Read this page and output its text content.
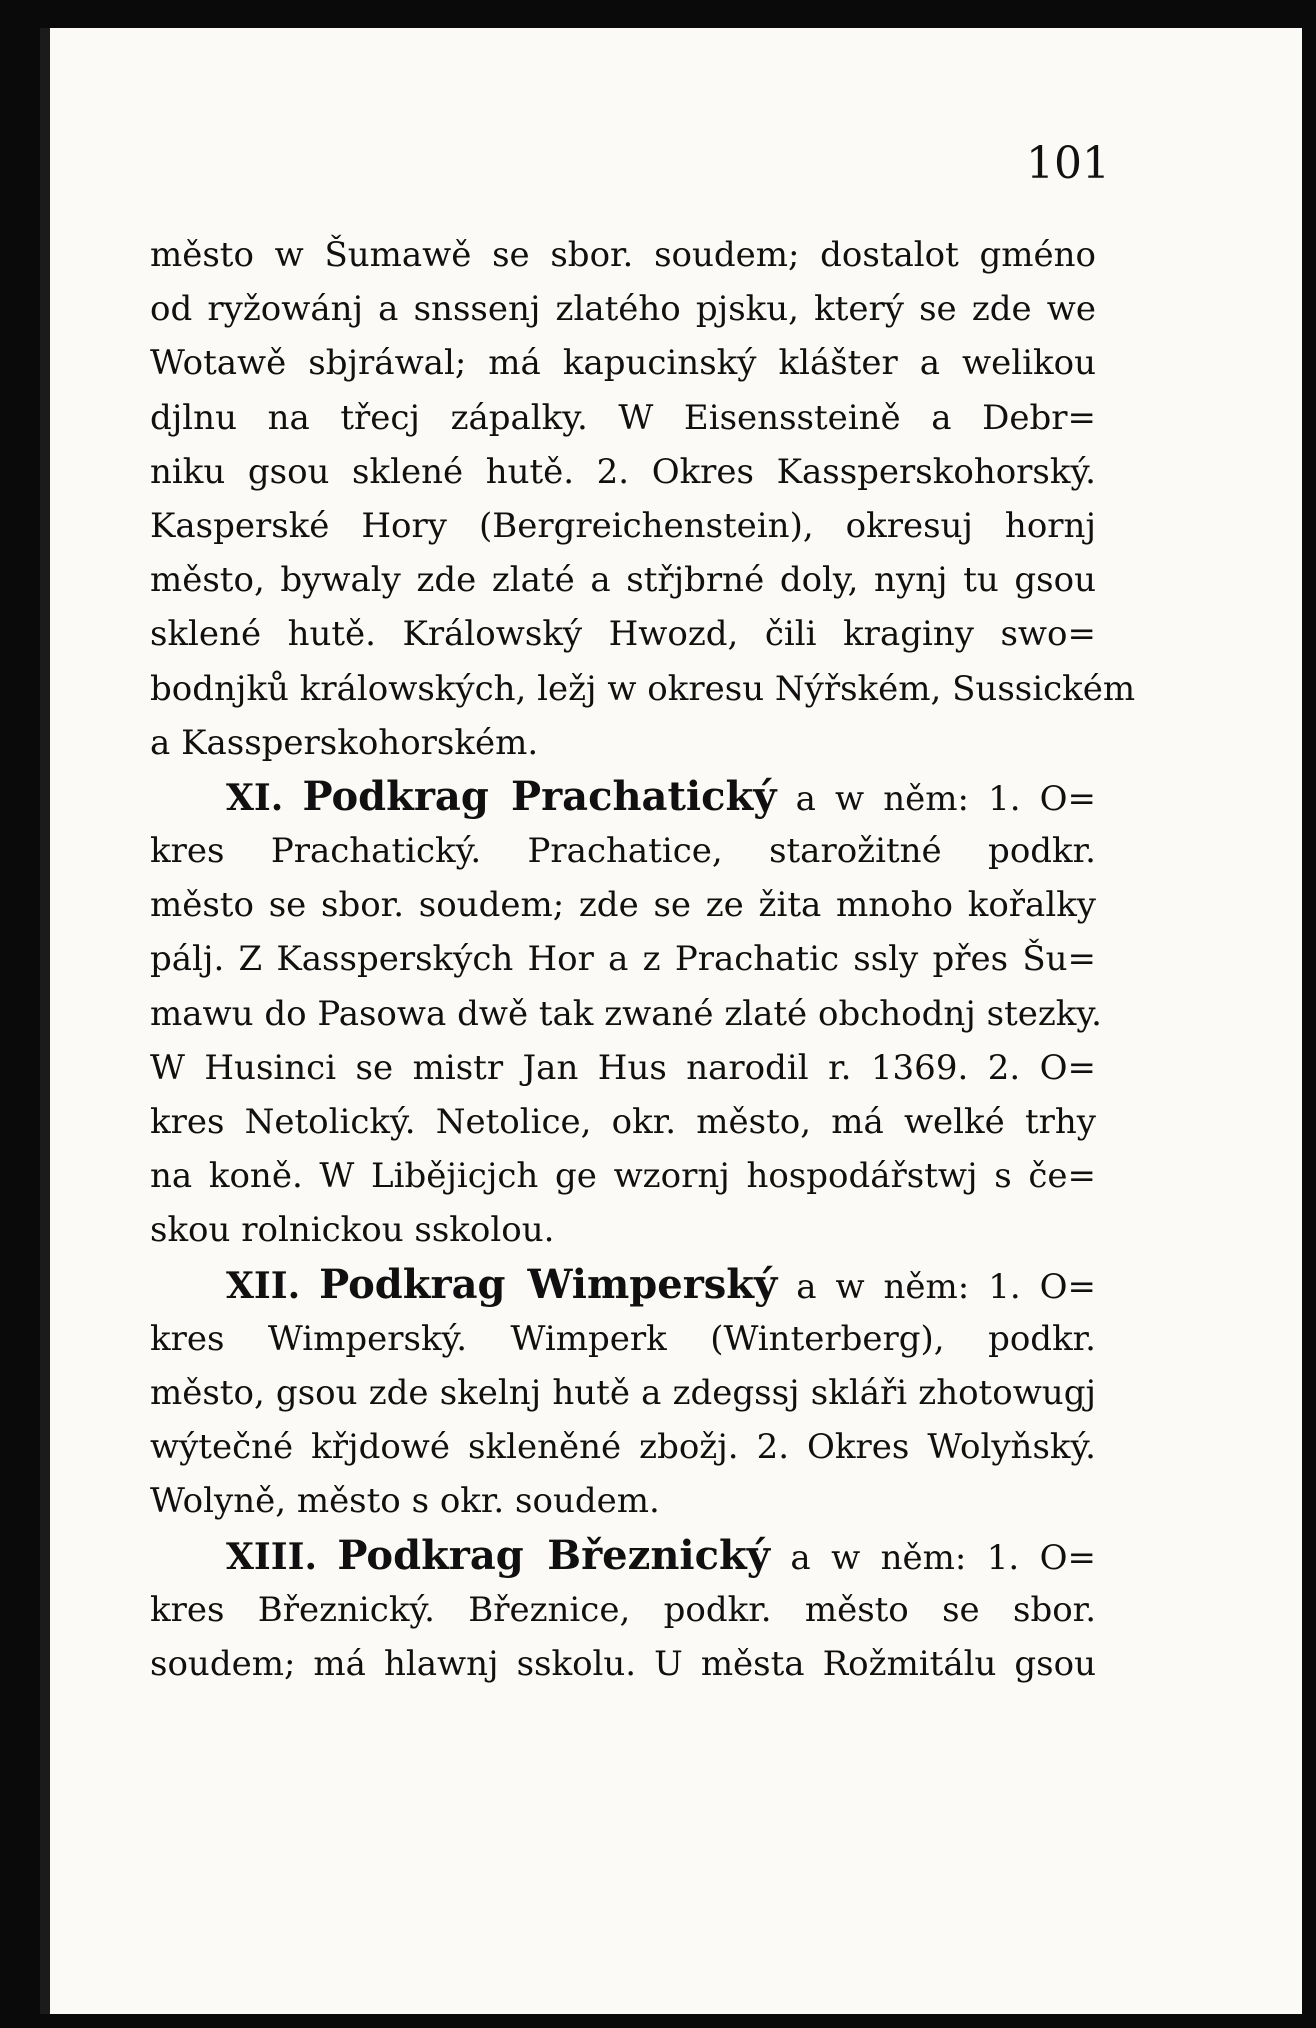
101
město w Šumawě se sbor. soudem; dostalot gméno
od ryžowánj a snssenj zlatého pjsku, který se zde we
Wotawě sbjráwal; má kapucinský klášter a welikou
djlnu na třecj zápalky. W Eisenssteině a Debr=
niku gsou sklené hutě. 2. Okres Kassperskohorský.
Kasperské Hory (Bergreichenstein), okresuj hornj
město, bywaly zde zlaté a střjbrné doly, nynj tu gsou
sklené hutě. Králowský Hwozd, čili kraginy swo=
bodnjků králowských, ležj w okresu Nýřském, Sussickém
a Kassperskohorském.
XI. Podkrag Prachatický a w něm: 1. O=
kres Prachatický. Prachatice, starožitné podkr.
město se sbor. soudem; zde se ze žita mnoho kořalky
pálj. Z Kassperských Hor a z Prachatic ssly přes Šu=
mawu do Pasowa dwě tak zwané zlaté obchodnj stezky.
W Husinci se mistr Jan Hus narodil r. 1369. 2. O=
kres Netolický. Netolice, okr. město, má welké trhy
na koně. W Libějicjch ge wzornj hospodářstwj s če=
skou rolnickou sskolou.
XII. Podkrag Wimperský a w něm: 1. O=
kres Wimperský. Wimperk (Winterberg), podkr.
město, gsou zde skelnj hutě a zdegssj skláři zhotowugj
wýtečné křjdowé skleněné zbožj. 2. Okres Wolyňský.
Wolyně, město s okr. soudem.
XIII. Podkrag Březnický a w něm: 1. O=
kres Březnický. Březnice, podkr. město se sbor.
soudem; má hlawnj sskolu. U města Rožmitálu gsou
